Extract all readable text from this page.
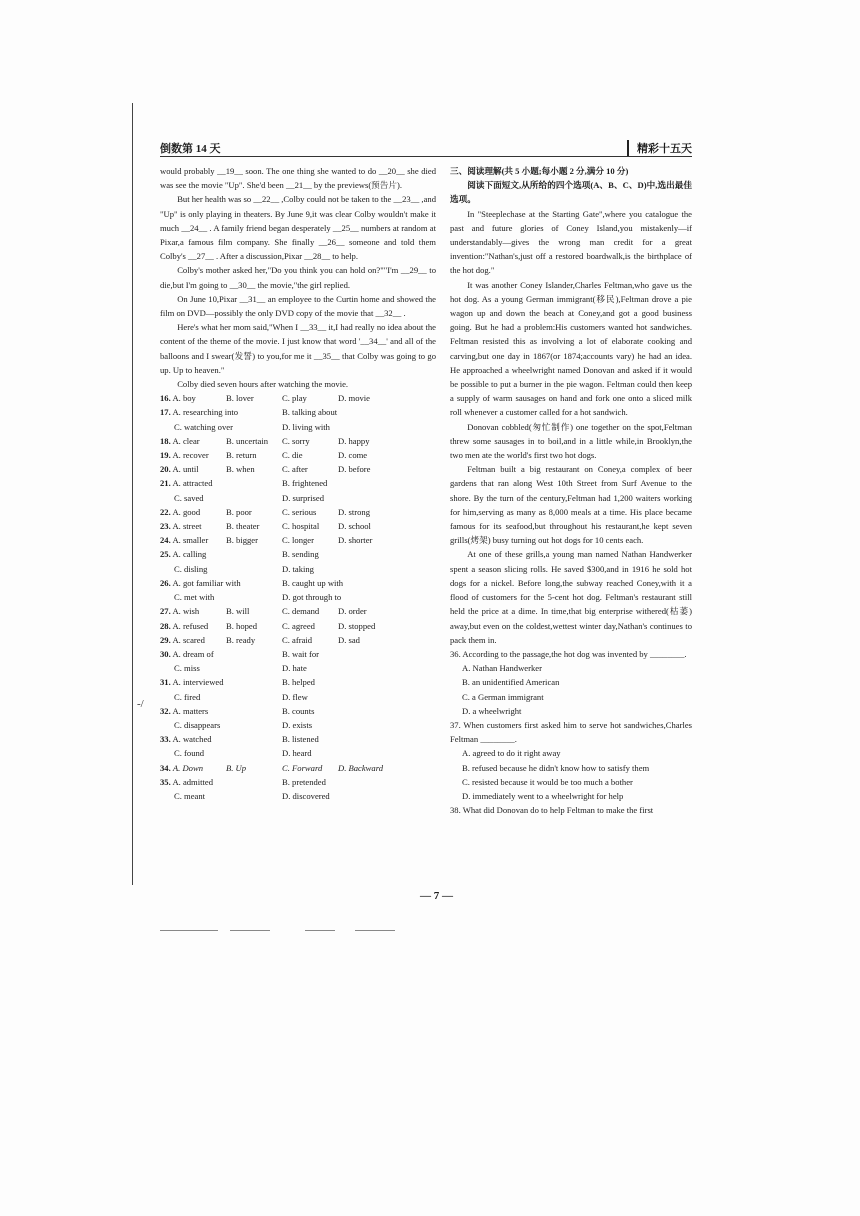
-/
倒数第 14 天	精彩十五天

would probably __19__ soon. The one thing she wanted to do __20__ she died was see the movie "Up". She'd been __21__ by the previews(预告片).

But her health was so __22__ ,Colby could not be taken to the __23__ ,and "Up" is only playing in theaters. By June 9,it was clear Colby wouldn't make it much __24__ . A family friend began desperately __25__ numbers at random at Pixar,a famous film company. She finally __26__ someone and told them Colby's __27__ . After a discussion,Pixar __28__ to help.

Colby's mother asked her,"Do you think you can hold on?""I'm __29__ to die,but I'm going to __30__ the movie,"the girl replied.

On June 10,Pixar __31__ an employee to the Curtin home and showed the film on DVD—possibly the only DVD copy of the movie that __32__ .

Here's what her mom said,"When I __33__ it,I had really no idea about the content of the theme of the movie. I just know that word '__34__' and all of the balloons and I swear(发誓) to you,for me it __35__ that Colby was going to go up. Up to heaven."

Colby died seven hours after watching the movie.

16. A. boy	B. lover	C. play	D. movie
17. A. researching into	B. talking about
C. watching over	D. living with
18. A. clear	B. uncertain	C. sorry	D. happy
19. A. recover	B. return	C. die	D. come
20. A. until	B. when	C. after	D. before
21. A. attracted	B. frightened
C. saved	D. surprised
22. A. good	B. poor	C. serious	D. strong
23. A. street	B. theater	C. hospital	D. school
24. A. smaller	B. bigger	C. longer	D. shorter
25. A. calling	B. sending
C. disling	D. taking
26. A. got familiar with	B. caught up with
C. met with	D. got through to
27. A. wish	B. will	C. demand	D. order
28. A. refused	B. hoped	C. agreed	D. stopped
29. A. scared	B. ready	C. afraid	D. sad
30. A. dream of	B. wait for
C. miss	D. hate
31. A. interviewed	B. helped
C. fired	D. flew
32. A. matters	B. counts
C. disappears	D. exists
33. A. watched	B. listened
C. found	D. heard
34. A. Down	B. Up	C. Forward	D. Backward
35. A. admitted	B. pretended
C. meant	D. discovered

三、阅读理解(共 5 小题;每小题 2 分,满分 10 分)

阅读下面短文,从所给的四个选项(A、B、C、D)中,选出最佳选项。

In "Steeplechase at the Starting Gate",where you catalogue the past and future glories of Coney Island,you mistakenly—if understandably—gives the wrong man credit for a great invention:"Nathan's,just off a restored boardwalk,is the birthplace of the hot dog."

It was another Coney Islander,Charles Feltman,who gave us the hot dog. As a young German immigrant(移民),Feltman drove a pie wagon up and down the beach at Coney,and got a good business going. But he had a problem:His customers wanted hot sandwiches. Feltman resisted this as involving a lot of elaborate cooking and carving,but one day in 1867(or 1874;accounts vary) he had an idea. He approached a wheelwright named Donovan and asked if it would be possible to put a burner in the pie wagon. Feltman could then keep a supply of warm sausages on hand and fork one onto a sliced milk roll whenever a customer called for a hot sandwich.

Donovan cobbled(匆忙制作) one together on the spot,Feltman threw some sausages in to boil,and in a little while,in Brooklyn,the two men ate the world's first two hot dogs.

Feltman built a big restaurant on Coney,a complex of beer gardens that ran along West 10th Street from Surf Avenue to the shore. By the turn of the century,Feltman had 1,200 waiters working for him,serving as many as 8,000 meals at a time. His place became famous for its seafood,but throughout his restaurant,he kept seven grills(烤架) busy turning out hot dogs for 10 cents each.

At one of these grills,a young man named Nathan Handwerker spent a season slicing rolls. He saved $300,and in 1916 he sold hot dogs for a nickel. Before long,the subway reached Coney,with it a flood of customers for the 5-cent hot dog. Feltman's restaurant still held the price at a dime. In time,that big enterprise withered(枯萎) away,but even on the coldest,wettest winter day,Nathan's continues to pack them in.

36. According to the passage,the hot dog was invented by ________.

A. Nathan Handwerker
B. an unidentified American
C. a German immigrant
D. a wheelwright

37. When customers first asked him to serve hot sandwiches,Charles Feltman ________.

A. agreed to do it right away
B. refused because he didn't know how to satisfy them
C. resisted because it would be too much a bother
D. immediately went to a wheelwright for help

38. What did Donovan do to help Feltman to make the first

— 7 —
